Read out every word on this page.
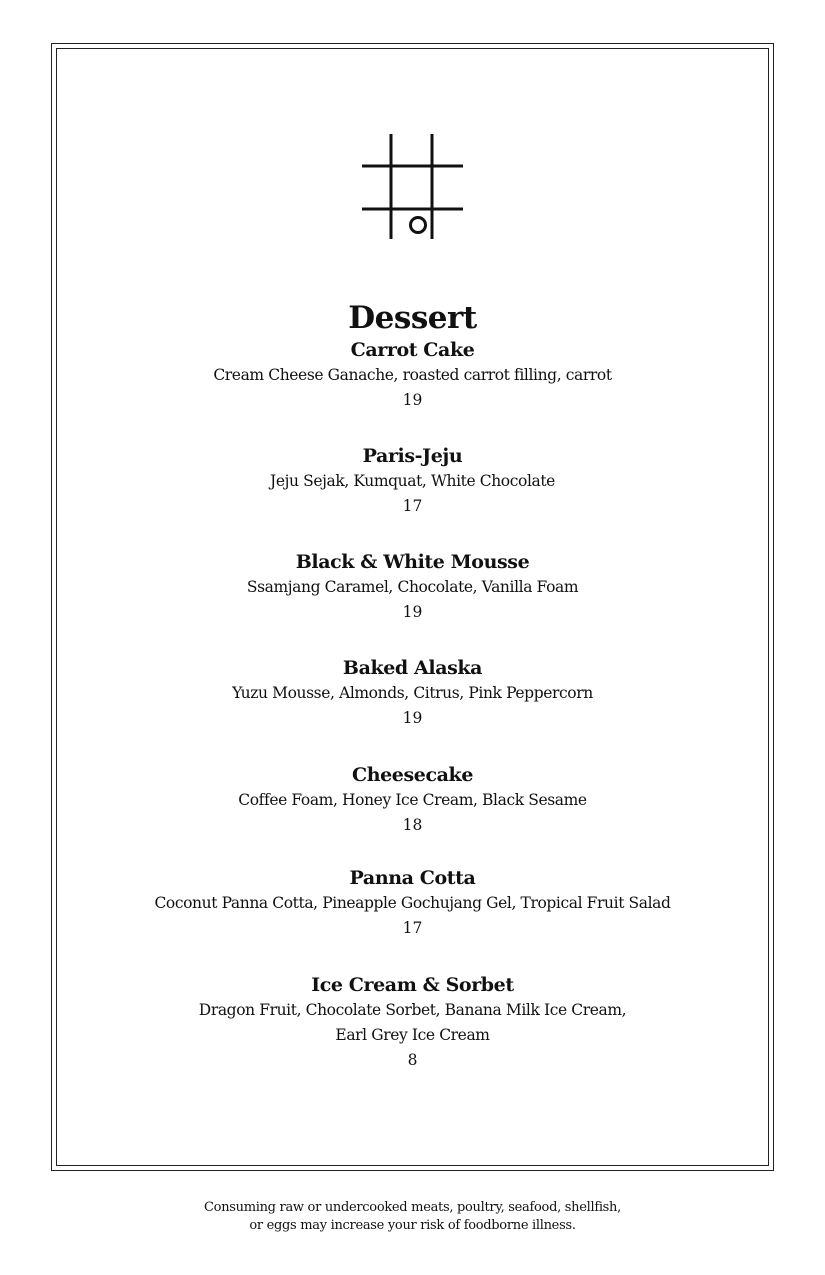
Dessert
Carrot Cake
Cream Cheese Ganache, roasted carrot filling, carrot
19
Paris-Jeju
Jeju Sejak, Kumquat, White Chocolate
17
Black & White Mousse
Ssamjang Caramel, Chocolate, Vanilla Foam
19
Baked Alaska
Yuzu Mousse, Almonds, Citrus, Pink Peppercorn
19
Cheesecake
Coffee Foam, Honey Ice Cream, Black Sesame
18
Panna Cotta
Coconut Panna Cotta, Pineapple Gochujang Gel, Tropical Fruit Salad
17
Ice Cream & Sorbet
Dragon Fruit, Chocolate Sorbet, Banana Milk Ice Cream,
Earl Grey Ice Cream
8
Consuming raw or undercooked meats, poultry, seafood, shellfish,
or eggs may increase your risk of foodborne illness.
